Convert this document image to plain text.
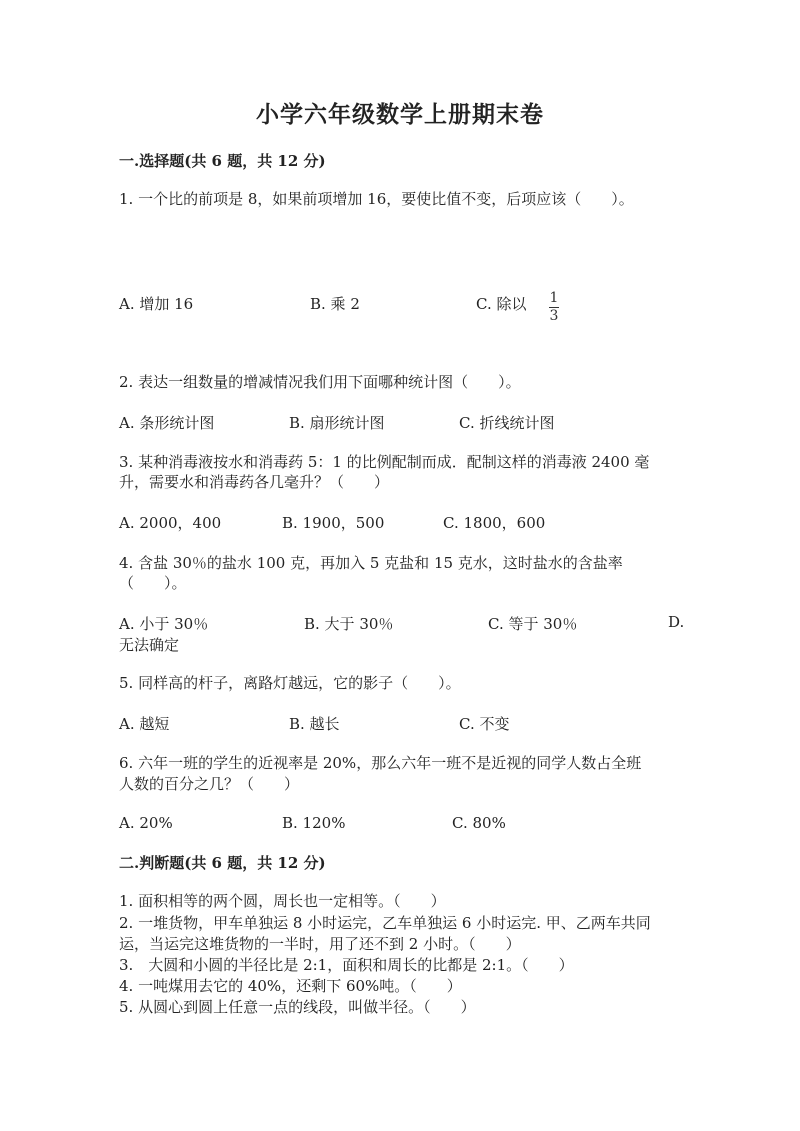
小学六年级数学上册期末卷
一.选择题(共 6 题，共 12 分)
1. 一个比的前项是 8，如果前项增加 16，要使比值不变，后项应该（　　）。
A. 增加 16	B. 乘 2	C. 除以 $\frac{1}{3}$
2. 表达一组数量的增减情况我们用下面哪种统计图（　　）。
A. 条形统计图	B. 扇形统计图	C. 折线统计图
3. 某种消毒液按水和消毒药 5：1 的比例配制而成．配制这样的消毒液 2400 毫
升，需要水和消毒药各几毫升？（　　）
A. 2000，400	B. 1900，500	C. 1800，600
4. 含盐 30％的盐水 100 克，再加入 5 克盐和 15 克水，这时盐水的含盐率
（　　）。
A. 小于 30％	B. 大于 30％	C. 等于 30％	D.
无法确定
5. 同样高的杆子，离路灯越远，它的影子（　　）。
A. 越短	B. 越长	C. 不变
6. 六年一班的学生的近视率是 20%，那么六年一班不是近视的同学人数占全班
人数的百分之几？（　　）
A. 20%	B. 120%	C. 80%
二.判断题(共 6 题，共 12 分)
1. 面积相等的两个圆，周长也一定相等。（　　）
2. 一堆货物，甲车单独运 8 小时运完，乙车单独运 6 小时运完. 甲、乙两车共同
运，当运完这堆货物的一半时，用了还不到 2 小时。（　　）
3.　大圆和小圆的半径比是 2:1，面积和周长的比都是 2:1。（　　）
4. 一吨煤用去它的 40%，还剩下 60%吨。（　　）
5. 从圆心到圆上任意一点的线段，叫做半径。（　　）
